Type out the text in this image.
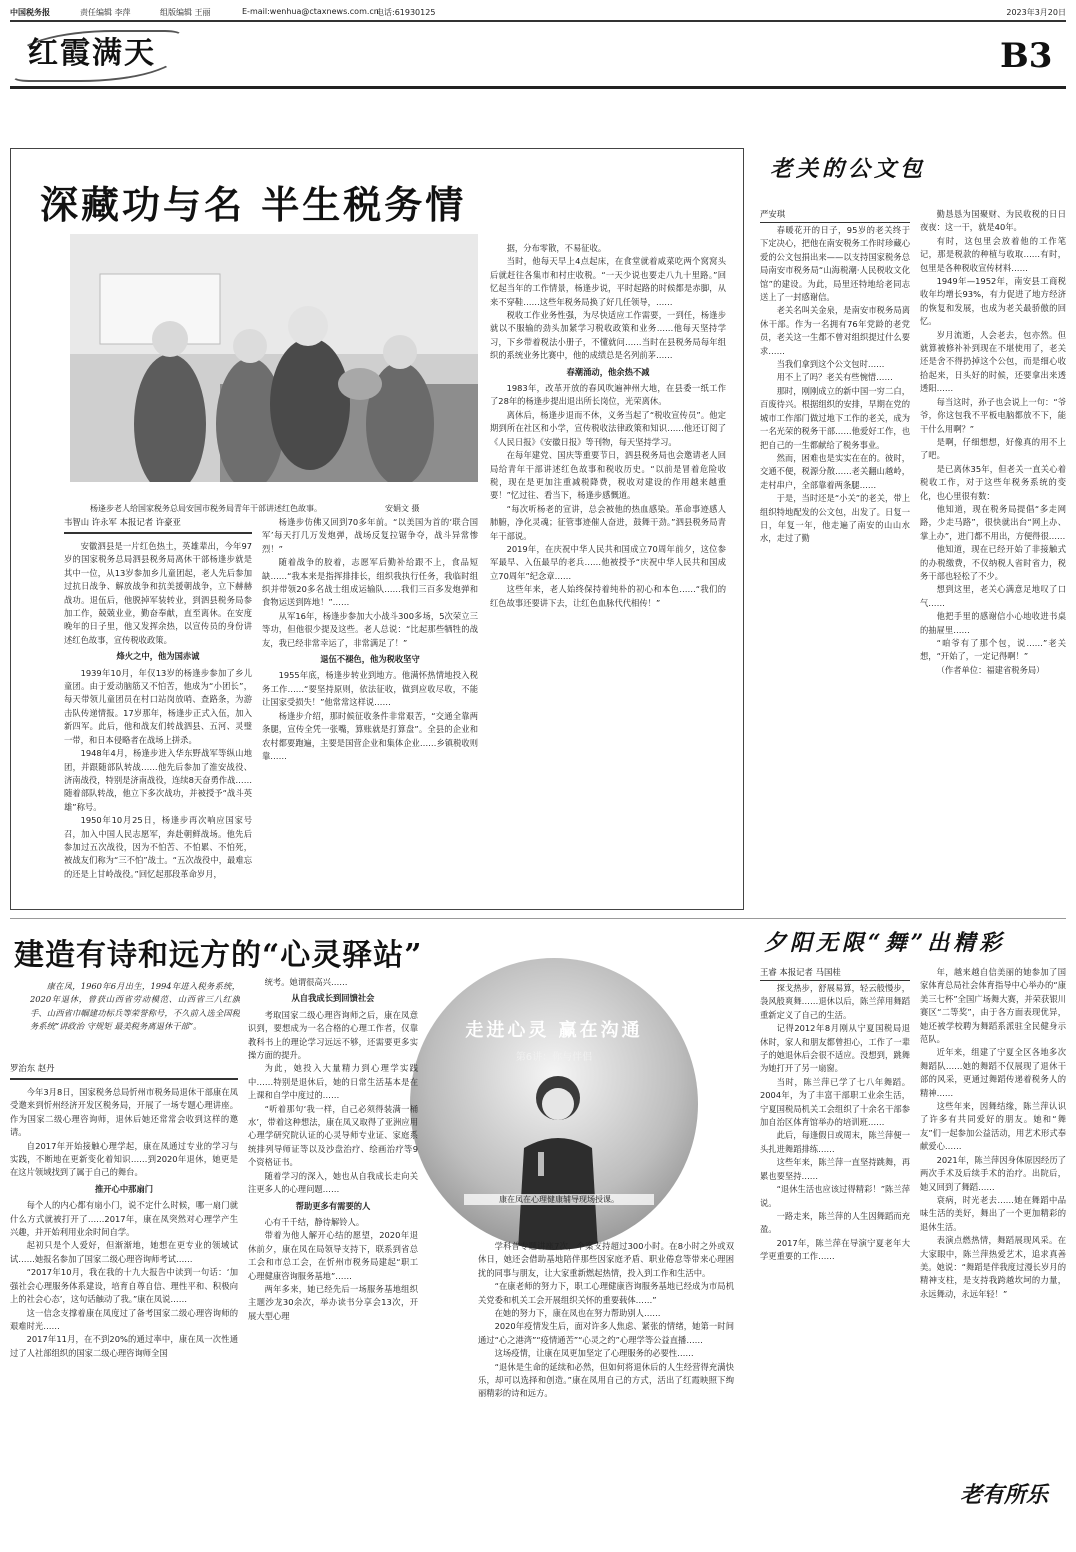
中国税务报	责任编辑 李萍	组版编辑 王丽	E-mail:wenhua@ctaxnews.com.cn
电话:61930125	2023年3月20日
红霞满天	B3
深藏功与名 半生税务情
杨逢步老人给国家税务总局安国市税务局青年干部讲述红色故事。	安娟文 摄
韦智山 许永军 本报记者 许豪亚

安徽泗县是一片红色热土，英雄辈出，今年97岁的国家税务总局泗县税务局离休干部杨逢步就是其中一位，从13岁参加乡儿童团起，老人先后参加过抗日战争、解放战争和抗美援朝战争，立下赫赫战功。退伍后，他脱掉军装转业，到泗县税务局参加工作，兢兢业业，勤奋奉献，直至离休。在安度晚年的日子里，他又发挥余热，以宣传员的身份讲述红色故事，宣传税收政策。

烽火之中，他为国赤诚

1939年10月，年仅13岁的杨逢步参加了乡儿童团。由于爱动脑筋又不怕苦，他成为“小团长”，每天带领儿童团员在村口站岗放哨、查路条，为游击队传递情报。17岁那年，杨逢步正式入伍，加入新四军。此后，他和战友们转战泗县、五河、灵璧一带，和日本侵略者在战场上拼杀。

1948年4月，杨逢步进入华东野战军等纵山地团，并跟随部队转战……他先后参加了淮安战役、济南战役，特别是济南战役，连续8天奋勇作战……随着部队转战，他立下多次战功，并被授予“战斗英雄”称号。

1950年10月25日，杨逢步再次响应国家号召，加入中国人民志愿军，奔赴朝鲜战场。他先后参加过五次战役，因为不怕苦、不怕累、不怕死，被战友们称为“三不怕”战士。“五次战役中，最难忘的还是上甘岭战役。”回忆起那段革命岁月，

杨逢步仿佛又回到70多年前。“以美国为首的‘联合国军’每天打几万发炮弹，战场反复拉锯争夺，战斗异常惨烈！”

随着战争的胶着，志愿军后勤补给跟不上，食品短缺……“我本来是指挥排排长，组织我执行任务，我临时组织并带领20多名战士组成运输队……我们三百多发炮弹和食物运送到阵地！”……

从军16年，杨逢步参加大小战斗300多场，5次荣立三等功，但他很少提及这些。老人总说：“比起那些牺牲的战友，我已经非常幸运了，非常满足了！”

退伍不褪色，他为税收坚守

1955年底，杨逢步转业到地方。他满怀热情地投入税务工作……“要坚持原则，依法征收，做到应收尽收，不能让国家受损失！”他常常这样说……

杨逢步介绍，那时候征收条件非常艰苦，“交通全靠两条腿，宣传全凭一张嘴，算账就是打算盘”。全县的企业和农村都要跑遍，主要是国营企业和集体企业……乡镇税收则靠……

据，分布零散，不易征收。

当时，他每天早上4点起床，在食堂就着咸菜吃两个窝窝头后就赶往各集市和村庄收税。“一天少说也要走八九十里路。”回忆起当年的工作情景，杨逢步说，平时起路的时候都是赤脚，从来不穿鞋……这些年税务局换了好几任领导，……

税收工作业务性强，为尽快适应工作需要，一到任，杨逢步就以不服输的劲头加紧学习税收政策和业务……他每天坚持学习，下乡带着税法小册子，不懂就问……当时在县税务局每年组织的系统业务比赛中，他的成绩总是名列前茅……

春潮涌动，他余热不减

1983年，改革开放的春风吹遍神州大地，在县委一纸工作了28年的杨逢步提出退出所长岗位，光荣离休。

离休后，杨逢步退而不休，义务当起了“税收宣传员”。他定期到所在社区和小学，宣传税收法律政策和知识……他还订阅了《人民日报》《安徽日报》等刊物，每天坚持学习。

在每年建党、国庆等重要节日，泗县税务局也会邀请老人回局给青年干部讲述红色故事和税收历史。“以前是冒着危险收税，现在是更加注重减税降费，税收对建设的作用越来越重要！”忆过往、看当下，杨逢步感慨道。

“每次听杨老的宣讲，总会被他的热血感染。革命事迹感人肺腑，净化灵魂；征管事迹催人奋进，鼓舞干劲。”泗县税务局青年干部说。

2019年，在庆祝中华人民共和国成立70周年前夕，这位参军最早、入伍最早的老兵……他被授予“庆祝中华人民共和国成立70周年”纪念章……

这些年来，老人始终保持着纯朴的初心和本色……“我们的红色故事还要讲下去，让红色血脉代代相传！”

老关的公文包
严安琪

春暖花开的日子，95岁的老关终于下定决心，把他在南安税务工作时珍藏心爱的公文包捐出来——以支持国家税务总局南安市税务局“山海税潮·人民税收文化馆”的建设。为此，局里还特地给老同志送上了一封感谢信。

老关名叫关金泉，是南安市税务局离休干部。作为一名拥有76年党龄的老党员，老关这一生都不曾对组织提过什么要求……

当我们拿到这个公文包时……

用不上了吗？老关有些惋惜……

那时，刚刚成立的新中国一穷二白，百废待兴。根据组织的安排，早期在党的城市工作部门做过地下工作的老关，成为一名光荣的税务干部……他爱好工作，也把自己的一生都献给了税务事业。

然而，困难也是实实在在的。彼时，交通不便，税源分散……老关翻山越岭，走村串户，全部靠着两条腿……

于是，当时还是“小关”的老关，带上组织特地配发的公文包，出发了。日复一日，年复一年，他走遍了南安的山山水水，走过了勤

勤恳恳为国聚财、为民收税的日日夜夜：这一干，就是40年。

有时，这包里会放着他的工作笔记，那是税款的种植与收取……有时，包里是各种税收宣传材料……

1949年—1952年，南安县工商税收年均增长93%，有力促进了地方经济的恢复和发展，也成为老关最骄傲的回忆。

岁月流逝，人会老去，包亦然。但就算被修补补到现在不堪使用了，老关还是舍不得扔掉这个公包，而是细心收拾起来，日头好的时候，还要拿出来透透阳……

每当这时，孙子也会说上一句：“爷爷，你这包我不平板电脑都放不下，能干什么用啊？”

是啊，仔细想想，好像真的用不上了吧。

是已离休35年，但老关一直关心着税收工作，对于这些年税务系统的变化，也心里很有数：

他知道，现在税务局提倡“多走网路，少走马路”，很快就出台“网上办、掌上办”，进门都不用出，方便得很……

他知道，现在已经开始了非接触式的办税缴费，不仅纳税人省时省力，税务干部也轻松了不少。

想到这里，老关心满意足地叹了口气……

他把手里的感谢信小心地收进书桌的抽屉里……

“咱爷有了那个包，说……”老关想，“开始了，一定记得啊！”

（作者单位：福建省税务局）

建造有诗和远方的“心灵驿站”

康在凤，1960年6月出生，1994年进入税务系统，2020年退休，曾获山西省劳动模范、山西省三八红旗手、山西省巾帼建功标兵等荣誉称号，不久前入选全国税务系统“讲政治 守规矩 最美税务离退休干部”。

罗治东 赵丹
走进心灵 赢在沟通
第6讲：你与伴侣
康在凤在心理健康辅导现场授课。

今年3月8日，国家税务总局忻州市税务局退休干部康在凤受邀来到忻州经济开发区税务局，开展了一场专题心理讲座。作为国家二级心理咨询师，退休后她还常常会收到这样的邀请。

自2017年开始接触心理学起，康在凤通过专业的学习与实践，不断地在更新变化着知识……到2020年退休，她更是在这片领域找到了属于自己的舞台。

推开心中那扇门

每个人的内心都有扇小门，说不定什么时候，哪一扇门就什么方式就被打开了……2017年，康在凤突然对心理学产生兴趣，并开始利用业余时间自学。

起初只是个人爱好，但渐渐地，她想在更专业的领域试试……她报名参加了国家二级心理咨询师考试……

“2017年10月，我在我的十九大报告中读到一句话：‘加强社会心理服务体系建设，培育自尊自信、理性平和、积极向上的社会心态’，这句话触动了我。”康在凤说……

这一信念支撑着康在凤度过了备考国家二级心理咨询师的艰难时光……

2017年11月，在不到20%的通过率中，康在凤一次性通过了人社部组织的国家二级心理咨询师全国

统考。她谓很高兴……

从自我成长到回馈社会

考取国家二级心理咨询师之后，康在凤意识到，要想成为一名合格的心理工作者，仅靠教科书上的理论学习远远不够，还需要更多实操方面的提升。

为此，她投入大量精力到心理学实践中……特别是退休后，她的日常生活基本是在上课和自学中度过的……

“听着那句‘我一样，自己必须得装满一桶水’，带着这种想法，康在凤又取得了亚洲应用心理学研究院认证的心灵导师专业证、家庭系统排列导师证等以及沙盘治疗、绘画治疗等9个资格证书。

随着学习的深入，她也从自我成长走向关注更多人的心理问题……

帮助更多有需要的人

心有千千结，静待解铃人。

带着为他人解开心结的愿望，2020年退休前夕，康在凤在局领导支持下，联系到省总工会和市总工会，在忻州市税务局建起“职工心理健康咨询服务基地”……

两年多来，她已经先后一场服务基地组织主题沙龙30余次，举办读书分享会13次，开展大型心理

学科普专题讲座7次，个案支持超过300小时。在8小时之外或双休日，她还会借助基地陪伴那些因家庭矛盾、职业倦怠等带来心理困扰的同事与朋友，让大家重新燃起热情，投入到工作和生活中。

“在康老师的努力下，职工心理健康咨询服务基地已经成为市局机关党委和机关工会开展组织关怀的重要载体……”

在她的努力下，康在凤也在努力帮助别人……

2020年疫情发生后，面对许多人焦虑、紧张的情绪，她第一时间通过“心之港湾”“疫情通苦”“心灵之约”心理学等公益直播……

这场疫情，让康在凤更加坚定了心理服务的必要性……

“退休是生命的延续和必然，但如何将退休后的人生经营得充满快乐，却可以选择和创造。”康在凤用自己的方式，活出了红霞映照下绚丽精彩的诗和远方。

夕阳无限“舞”出精彩
王睿 本报记者 马国桂

探戈热步，舒展易算，轻云般慢步，袅风般爽舞……退休以后，陈兰萍用舞蹈重新定义了自己的生活。

记得2012年8月刚从宁夏国税局退休时，家人和朋友都曾担心，工作了一辈子的她退休后会很不适应。没想到，跳舞为她打开了另一扇窗。

当时，陈兰萍已学了七八年舞蹈。2004年，为了丰富干部职工业余生活，宁夏国税局机关工会组织了十余名干部参加自治区体育馆举办的培训班……

此后，每逢假日或周末，陈兰萍便一头扎进舞蹈排练……

这些年来，陈兰萍一直坚持跳舞，再累也要坚持……

“退休生活也应该过得精彩！”陈兰萍说。

一路走来，陈兰萍的人生因舞蹈而充盈。

2017年，陈兰萍在导演宁夏老年大学更重要的工作……

年，越来越自信美丽的她参加了国家体育总局社会体育指导中心举办的“康美三七杯”全国广场舞大赛，并荣获银川赛区“二等奖”，由于各方面表现优异，她还被学校聘为舞蹈系派驻全民健身示范队。

近年来，组建了宁夏全区各地多次舞蹈队……她的舞蹈不仅展现了退休干部的风采，更通过舞蹈传递着税务人的精神……

这些年来，因舞结缘，陈兰萍认识了许多有共同爱好的朋友。她和“舞友”们一起参加公益活动，用艺术形式奉献爱心……

2021年，陈兰萍因身体原因经历了两次手术及后续手术的治疗。出院后，她又回到了舞蹈……

衰病，时光老去……她在舞蹈中品味生活的美好，舞出了一个更加精彩的退休生活。

表演点燃热情，舞蹈展现风采。在大家眼中，陈兰萍热爱艺术，追求真善美。她说：“舞蹈是伴我度过漫长岁月的精神支柱，是支持我跨越坎坷的力量，永远舞动，永远年轻！”

老有所乐
